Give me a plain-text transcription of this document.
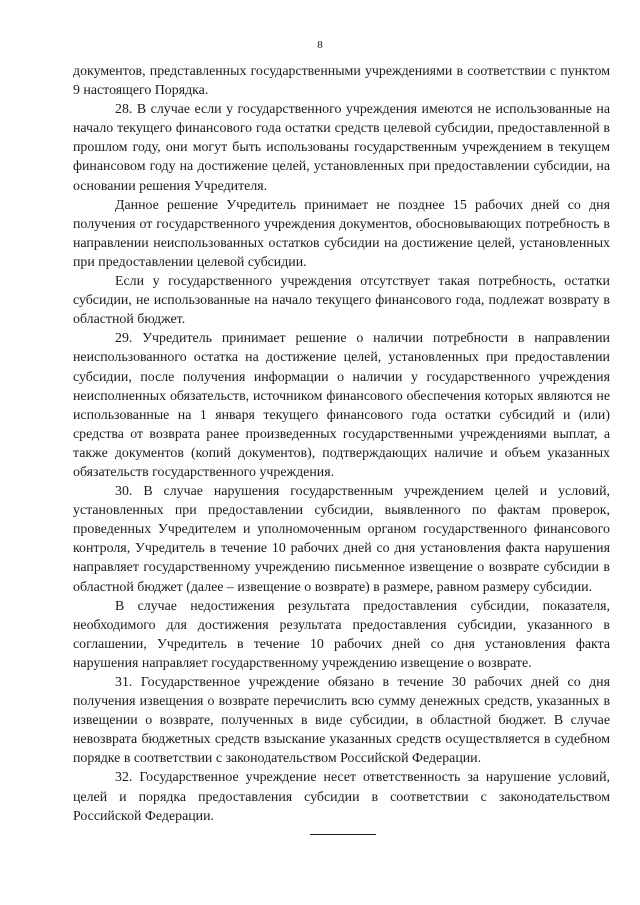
8

документов, представленных государственными учреждениями в соответствии с пунктом 9 настоящего Порядка.

28. В случае если у государственного учреждения имеются не использованные на начало текущего финансового года остатки средств целевой субсидии, предоставленной в прошлом году, они могут быть использованы государственным учреждением в текущем финансовом году на достижение целей, установленных при предоставлении субсидии, на основании решения Учредителя.

Данное решение Учредитель принимает не позднее 15 рабочих дней со дня получения от государственного учреждения документов, обосновывающих потребность в направлении неиспользованных остатков субсидии на достижение целей, установленных при предоставлении целевой субсидии.

Если у государственного учреждения отсутствует такая потребность, остатки субсидии, не использованные на начало текущего финансового года, подлежат возврату в областной бюджет.

29. Учредитель принимает решение о наличии потребности в направлении неиспользованного остатка на достижение целей, установленных при предоставлении субсидии, после получения информации о наличии у государственного учреждения неисполненных обязательств, источником финансового обеспечения которых являются не использованные на 1 января текущего финансового года остатки субсидий и (или) средства от возврата ранее произведенных государственными учреждениями выплат, а также документов (копий документов), подтверждающих наличие и объем указанных обязательств государственного учреждения.

30. В случае нарушения государственным учреждением целей и условий, установленных при предоставлении субсидии, выявленного по фактам проверок, проведенных Учредителем и уполномоченным органом государственного финансового контроля, Учредитель в течение 10 рабочих дней со дня установления факта нарушения направляет государственному учреждению письменное извещение о возврате субсидии в областной бюджет (далее – извещение о возврате) в размере, равном размеру субсидии.

В случае недостижения результата предоставления субсидии, показателя, необходимого для достижения результата предоставления субсидии, указанного в соглашении, Учредитель в течение 10 рабочих дней со дня установления факта нарушения направляет государственному учреждению извещение о возврате.

31. Государственное учреждение обязано в течение 30 рабочих дней со дня получения извещения о возврате перечислить всю сумму денежных средств, указанных в извещении о возврате, полученных в виде субсидии, в областной бюджет. В случае невозврата бюджетных средств взыскание указанных средств осуществляется в судебном порядке в соответствии с законодательством Российской Федерации.

32. Государственное учреждение несет ответственность за нарушение условий, целей и порядка предоставления субсидии в соответствии с законодательством Российской Федерации.
